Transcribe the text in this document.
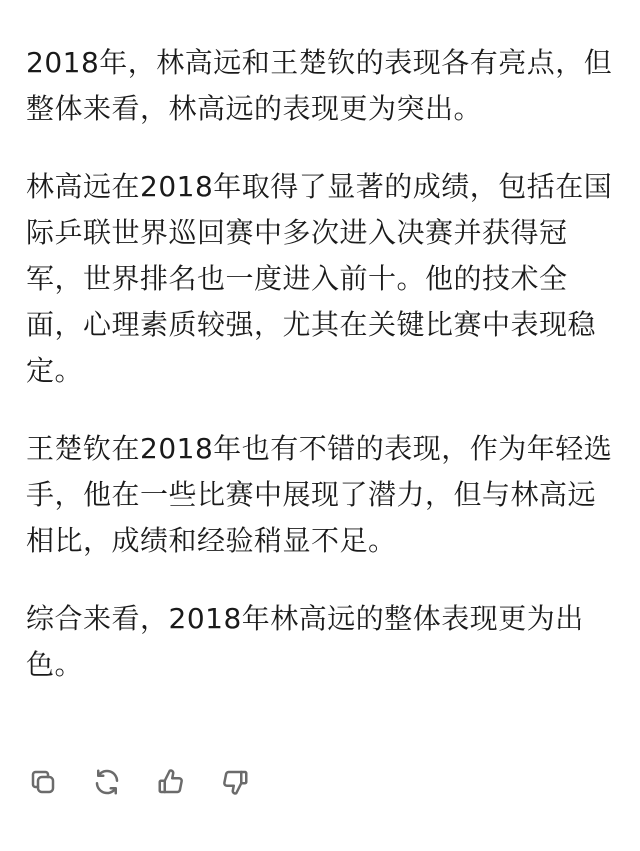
2018年，林高远和王楚钦的表现各有亮点，但整体来看，林高远的表现更为突出。

林高远在2018年取得了显著的成绩，包括在国际乒联世界巡回赛中多次进入决赛并获得冠军，世界排名也一度进入前十。他的技术全面，心理素质较强，尤其在关键比赛中表现稳定。

王楚钦在2018年也有不错的表现，作为年轻选手，他在一些比赛中展现了潜力，但与林高远相比，成绩和经验稍显不足。

综合来看，2018年林高远的整体表现更为出色。
